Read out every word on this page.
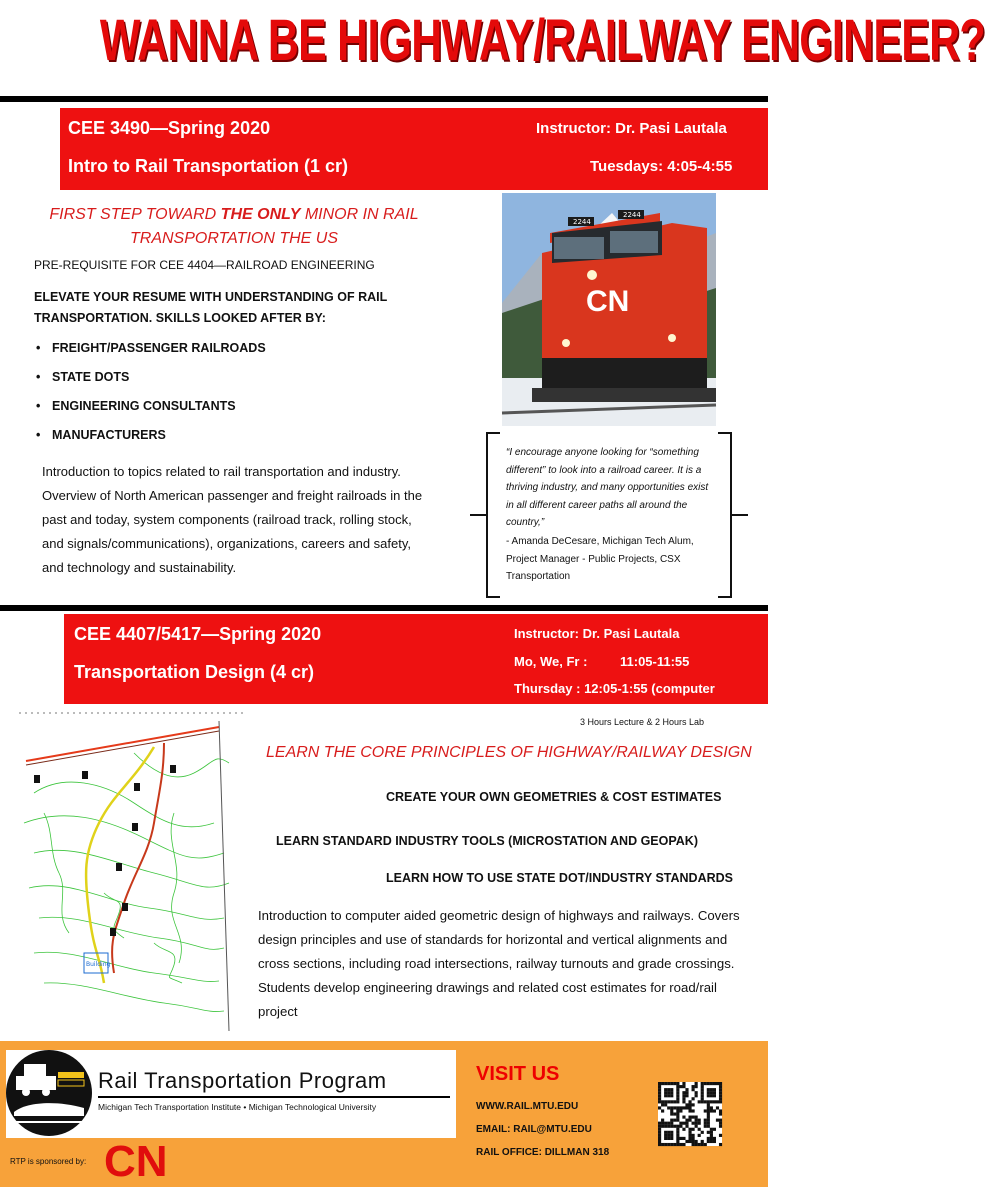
WANNA BE HIGHWAY/RAILWAY ENGINEER?
CEE 3490—Spring 2020
Intro to Rail Transportation (1 cr)
Instructor: Dr. Pasi Lautala
Tuesdays: 4:05-4:55
FIRST STEP TOWARD THE ONLY MINOR IN RAIL TRANSPORTATION THE US
PRE-REQUISITE FOR CEE 4404—RAILROAD ENGINEERING
ELEVATE YOUR RESUME WITH UNDERSTANDING OF RAIL TRANSPORTATION. SKILLS LOOKED AFTER BY:
• FREIGHT/PASSENGER RAILROADS
• STATE DOTS
• ENGINEERING CONSULTANTS
• MANUFACTURERS
Introduction to topics related to rail transportation and industry. Overview of North American passenger and freight railroads in the past and today, system components (railroad track, rolling stock, and signals/communications), organizations, careers and safety, and technology and sustainability.
2244
2244
CN
“I encourage anyone looking for “something different” to look into a railroad career. It is a thriving industry, and many opportunities exist in all different career paths all around the country,”
- Amanda DeCesare, Michigan Tech Alum, Project Manager - Public Projects, CSX Transportation
CEE 4407/5417—Spring 2020
Transportation Design (4 cr)
Instructor: Dr. Pasi Lautala
Mo, We, Fr :	11:05-11:55
Thursday : 12:05-1:55 (computer
3 Hours Lecture & 2 Hours Lab
Building
LEARN THE CORE PRINCIPLES OF HIGHWAY/RAILWAY DESIGN
CREATE YOUR OWN GEOMETRIES & COST ESTIMATES
LEARN STANDARD INDUSTRY TOOLS (MICROSTATION AND GEOPAK)
LEARN HOW TO USE STATE DOT/INDUSTRY STANDARDS
Introduction to computer aided geometric design of highways and railways. Covers design principles and use of standards for horizontal and vertical alignments and cross sections, including road intersections, railway turnouts and grade crossings. Students develop engineering drawings and related cost estimates for road/rail project
Rail Transportation Program
Michigan Tech Transportation Institute • Michigan Technological University
RTP is sponsored by: CN
VISIT US
WWW.RAIL.MTU.EDU
EMAIL: RAIL@MTU.EDU
RAIL OFFICE: DILLMAN 318
